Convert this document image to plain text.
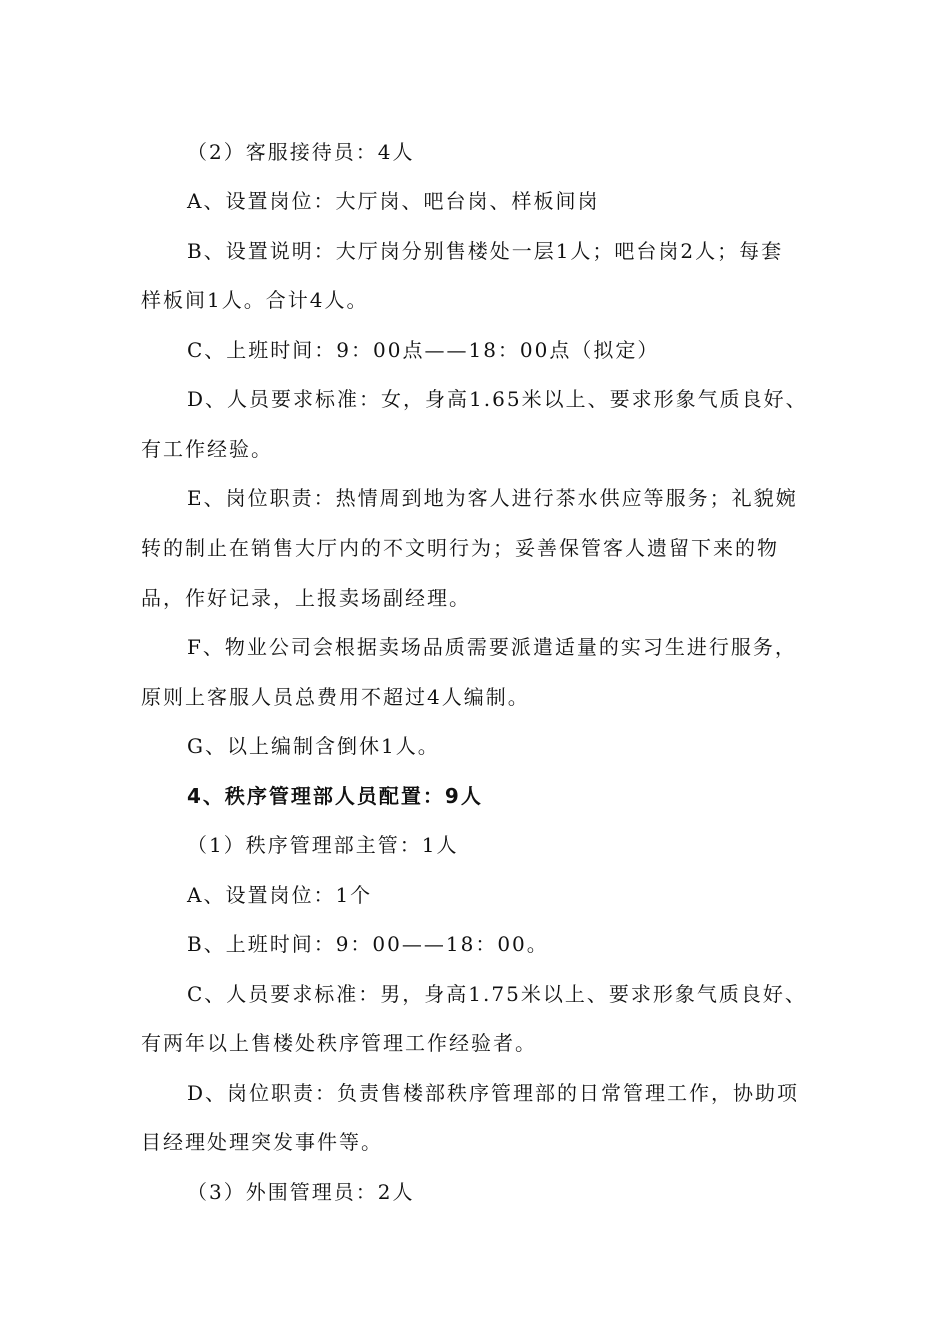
（2）客服接待员：4人
A、设置岗位：大厅岗、吧台岗、样板间岗
B、设置说明：大厅岗分别售楼处一层1人；吧台岗2人；每套
样板间1人。合计4人。
C、上班时间：9：00点——18：00点（拟定）
D、人员要求标准：女，身高1.65米以上、要求形象气质良好、
有工作经验。
E、岗位职责：热情周到地为客人进行茶水供应等服务；礼貌婉
转的制止在销售大厅内的不文明行为；妥善保管客人遗留下来的物
品，作好记录，上报卖场副经理。
F、物业公司会根据卖场品质需要派遣适量的实习生进行服务，
原则上客服人员总费用不超过4人编制。
G、以上编制含倒休1人。
4、秩序管理部人员配置：9人
（1）秩序管理部主管：1人
A、设置岗位：1个
B、上班时间：9：00——18：00。
C、人员要求标准：男，身高1.75米以上、要求形象气质良好、
有两年以上售楼处秩序管理工作经验者。
D、岗位职责：负责售楼部秩序管理部的日常管理工作，协助项
目经理处理突发事件等。
（3）外围管理员：2人
